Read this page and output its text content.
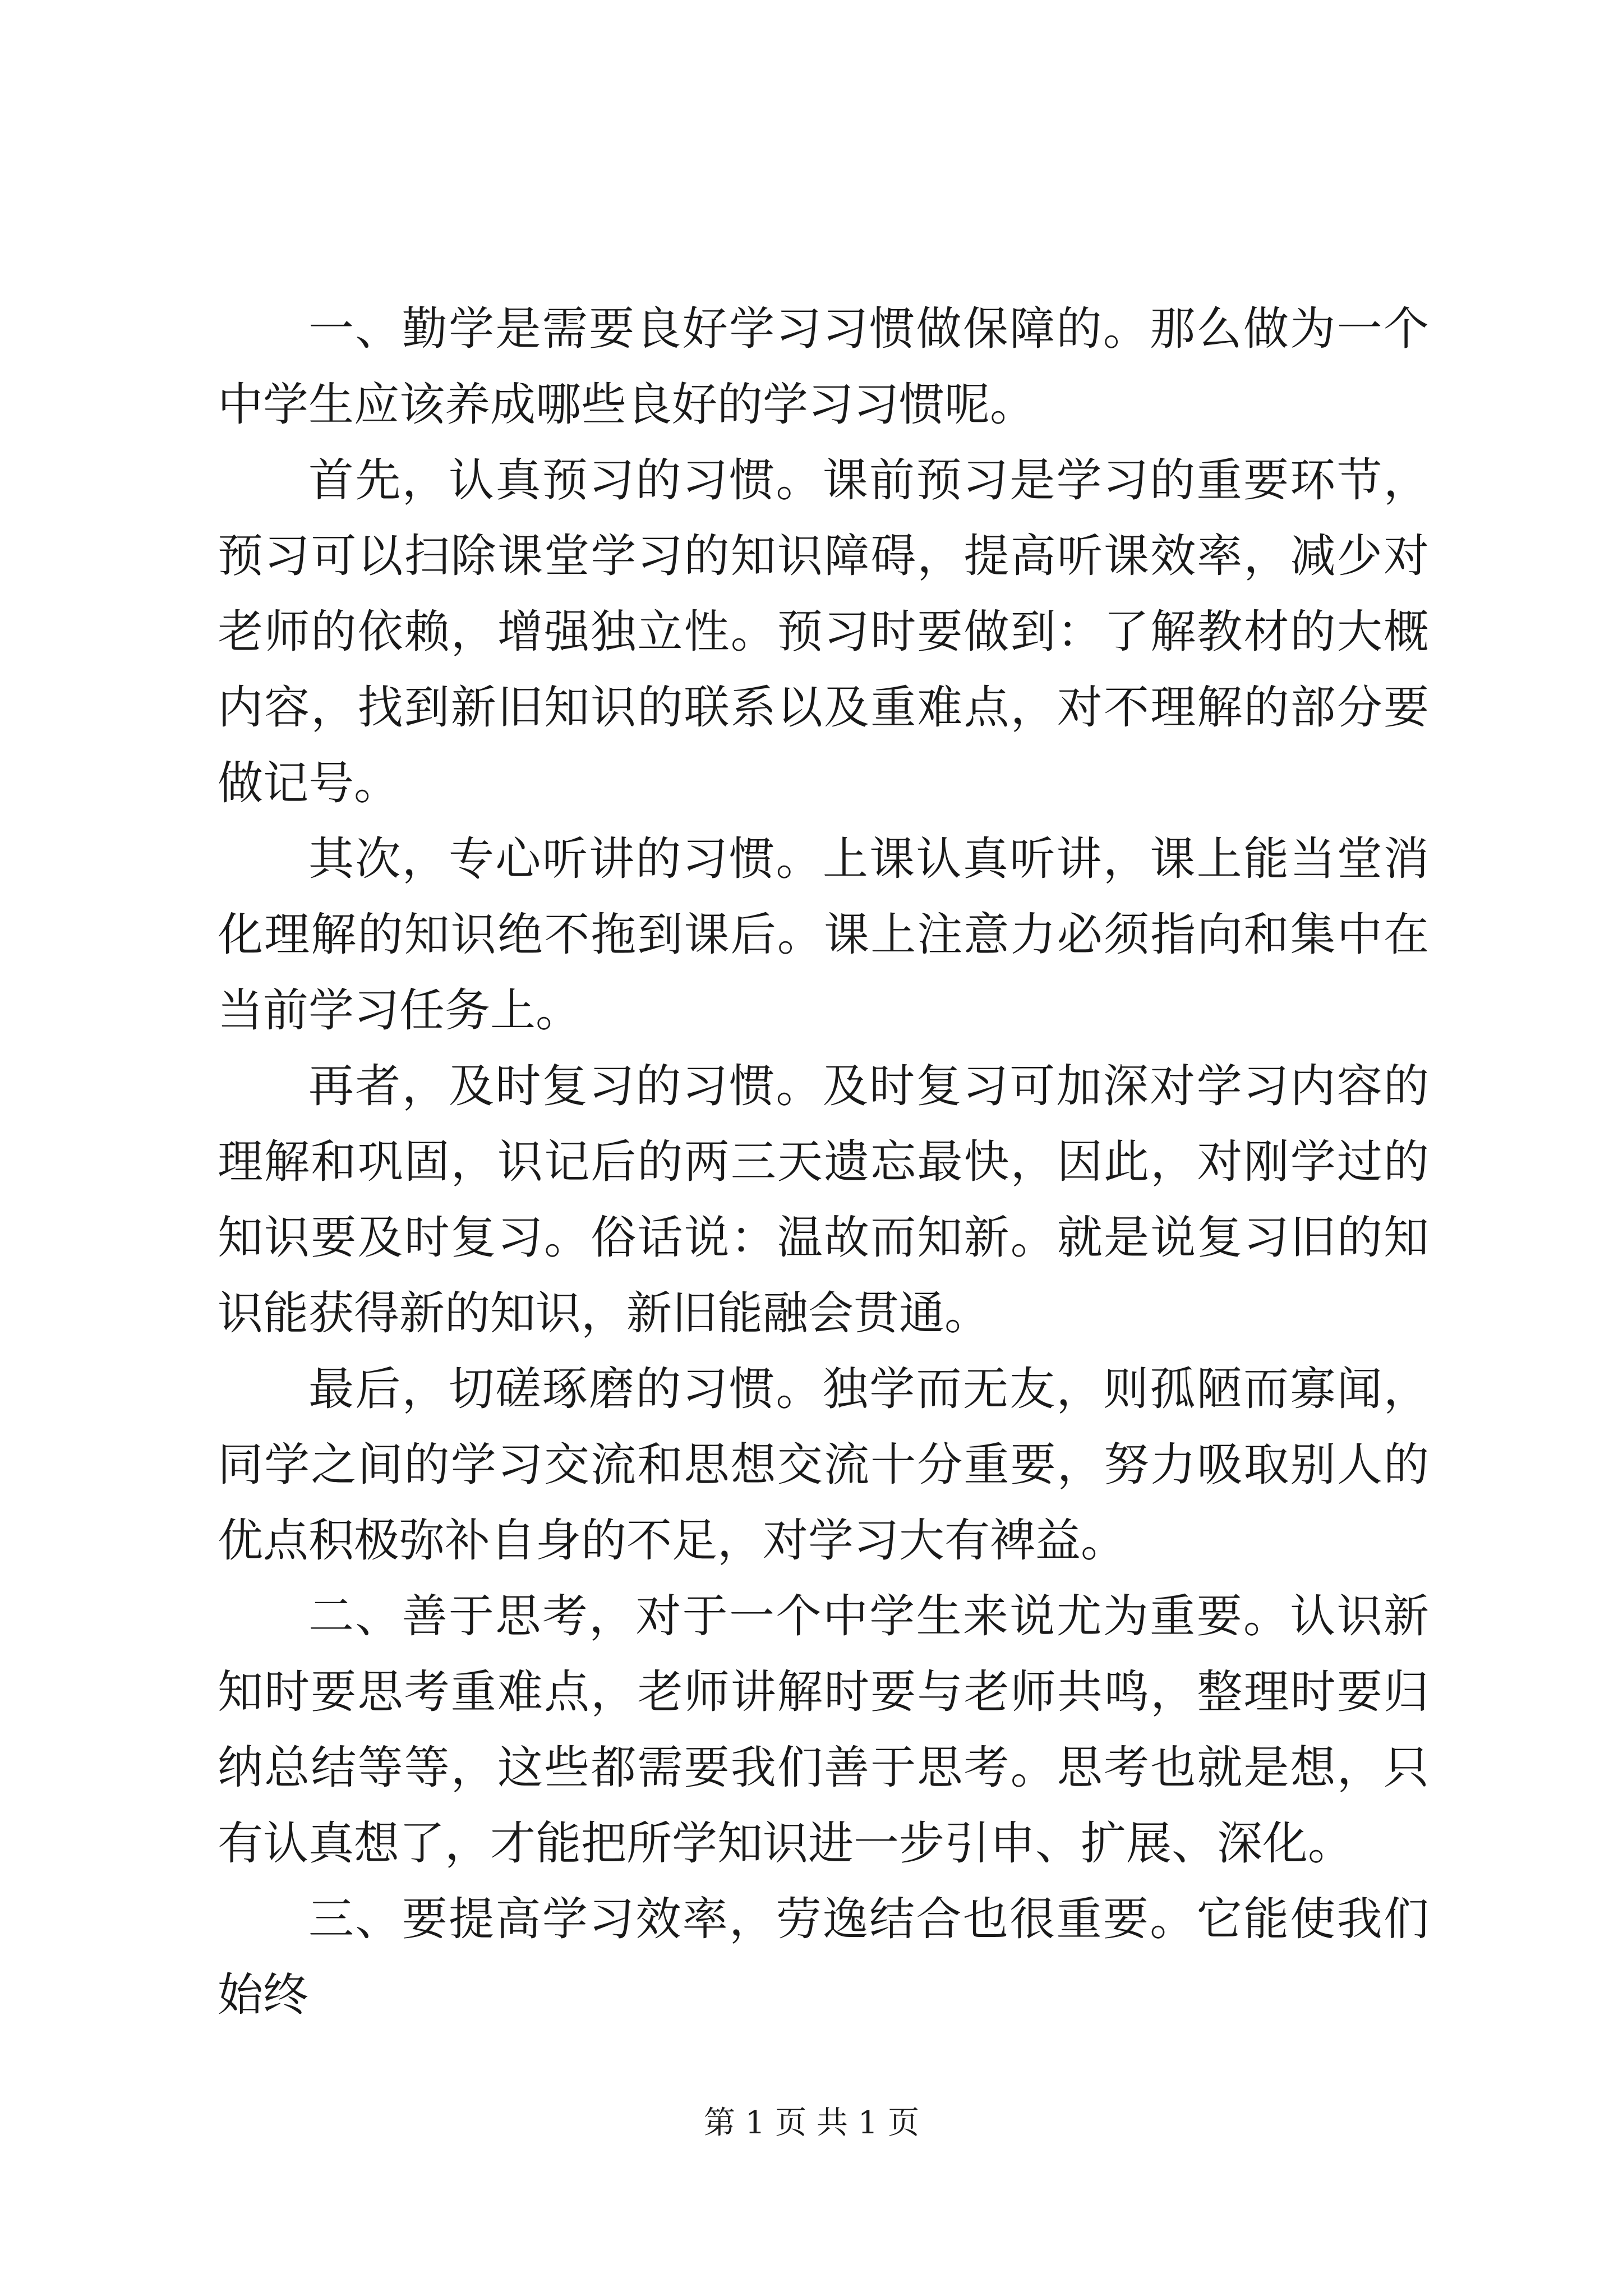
一、勤学是需要良好学习习惯做保障的。那么做为一个中学生应该养成哪些良好的学习习惯呢。

首先，认真预习的习惯。课前预习是学习的重要环节，预习可以扫除课堂学习的知识障碍，提高听课效率，减少对老师的依赖，增强独立性。预习时要做到：了解教材的大概内容，找到新旧知识的联系以及重难点，对不理解的部分要做记号。

其次，专心听讲的习惯。上课认真听讲，课上能当堂消化理解的知识绝不拖到课后。课上注意力必须指向和集中在当前学习任务上。

再者，及时复习的习惯。及时复习可加深对学习内容的理解和巩固，识记后的两三天遗忘最快，因此，对刚学过的知识要及时复习。俗话说：温故而知新。就是说复习旧的知识能获得新的知识，新旧能融会贯通。

最后，切磋琢磨的习惯。独学而无友，则孤陋而寡闻，同学之间的学习交流和思想交流十分重要，努力吸取别人的优点积极弥补自身的不足，对学习大有裨益。

二、善于思考，对于一个中学生来说尤为重要。认识新知时要思考重难点，老师讲解时要与老师共鸣，整理时要归纳总结等等，这些都需要我们善于思考。思考也就是想，只有认真想了，才能把所学知识进一步引申、扩展、深化。

三、要提高学习效率，劳逸结合也很重要。它能使我们始终

第 1 页 共 1 页
